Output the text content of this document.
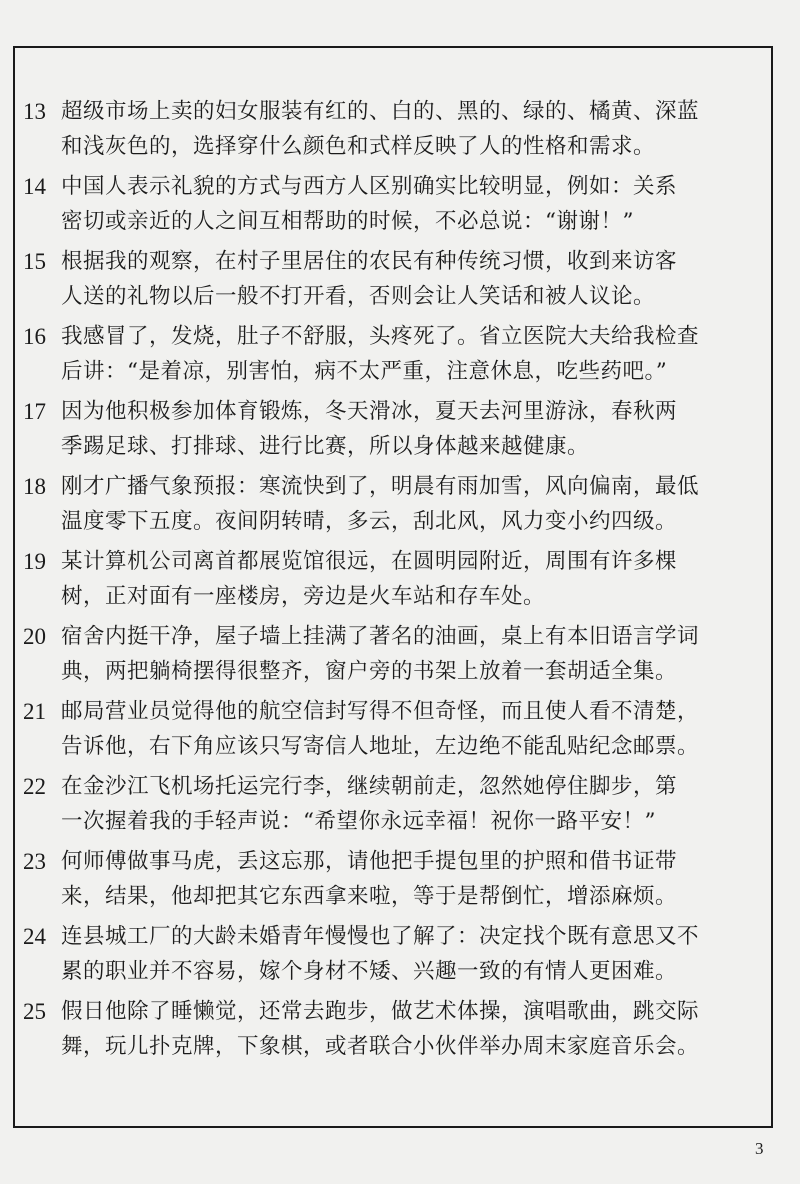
13 超级市场上卖的妇女服装有红的、白的、黑的、绿的、橘黄、深蓝
和浅灰色的，选择穿什么颜色和式样反映了人的性格和需求。
14 中国人表示礼貌的方式与西方人区别确实比较明显，例如：关系
密切或亲近的人之间互相帮助的时候，不必总说：“谢谢！”
15 根据我的观察，在村子里居住的农民有种传统习惯，收到来访客
人送的礼物以后一般不打开看，否则会让人笑话和被人议论。
16 我感冒了，发烧，肚子不舒服，头疼死了。省立医院大夫给我检查
后讲：“是着凉，别害怕，病不太严重，注意休息，吃些药吧。”
17 因为他积极参加体育锻炼，冬天滑冰，夏天去河里游泳，春秋两
季踢足球、打排球、进行比赛，所以身体越来越健康。
18 刚才广播气象预报：寒流快到了，明晨有雨加雪，风向偏南，最低
温度零下五度。夜间阴转晴，多云，刮北风，风力变小约四级。
19 某计算机公司离首都展览馆很远，在圆明园附近，周围有许多棵
树，正对面有一座楼房，旁边是火车站和存车处。
20 宿舍内挺干净，屋子墙上挂满了著名的油画，桌上有本旧语言学词
典，两把躺椅摆得很整齐，窗户旁的书架上放着一套胡适全集。
21 邮局营业员觉得他的航空信封写得不但奇怪，而且使人看不清楚，
告诉他，右下角应该只写寄信人地址，左边绝不能乱贴纪念邮票。
22 在金沙江飞机场托运完行李，继续朝前走，忽然她停住脚步，第
一次握着我的手轻声说：“希望你永远幸福！祝你一路平安！”
23 何师傅做事马虎，丢这忘那，请他把手提包里的护照和借书证带
来，结果，他却把其它东西拿来啦，等于是帮倒忙，增添麻烦。
24 连县城工厂的大龄未婚青年慢慢也了解了：决定找个既有意思又不
累的职业并不容易，嫁个身材不矮、兴趣一致的有情人更困难。
25 假日他除了睡懒觉，还常去跑步，做艺术体操，演唱歌曲，跳交际
舞，玩儿扑克牌，下象棋，或者联合小伙伴举办周末家庭音乐会。
3
